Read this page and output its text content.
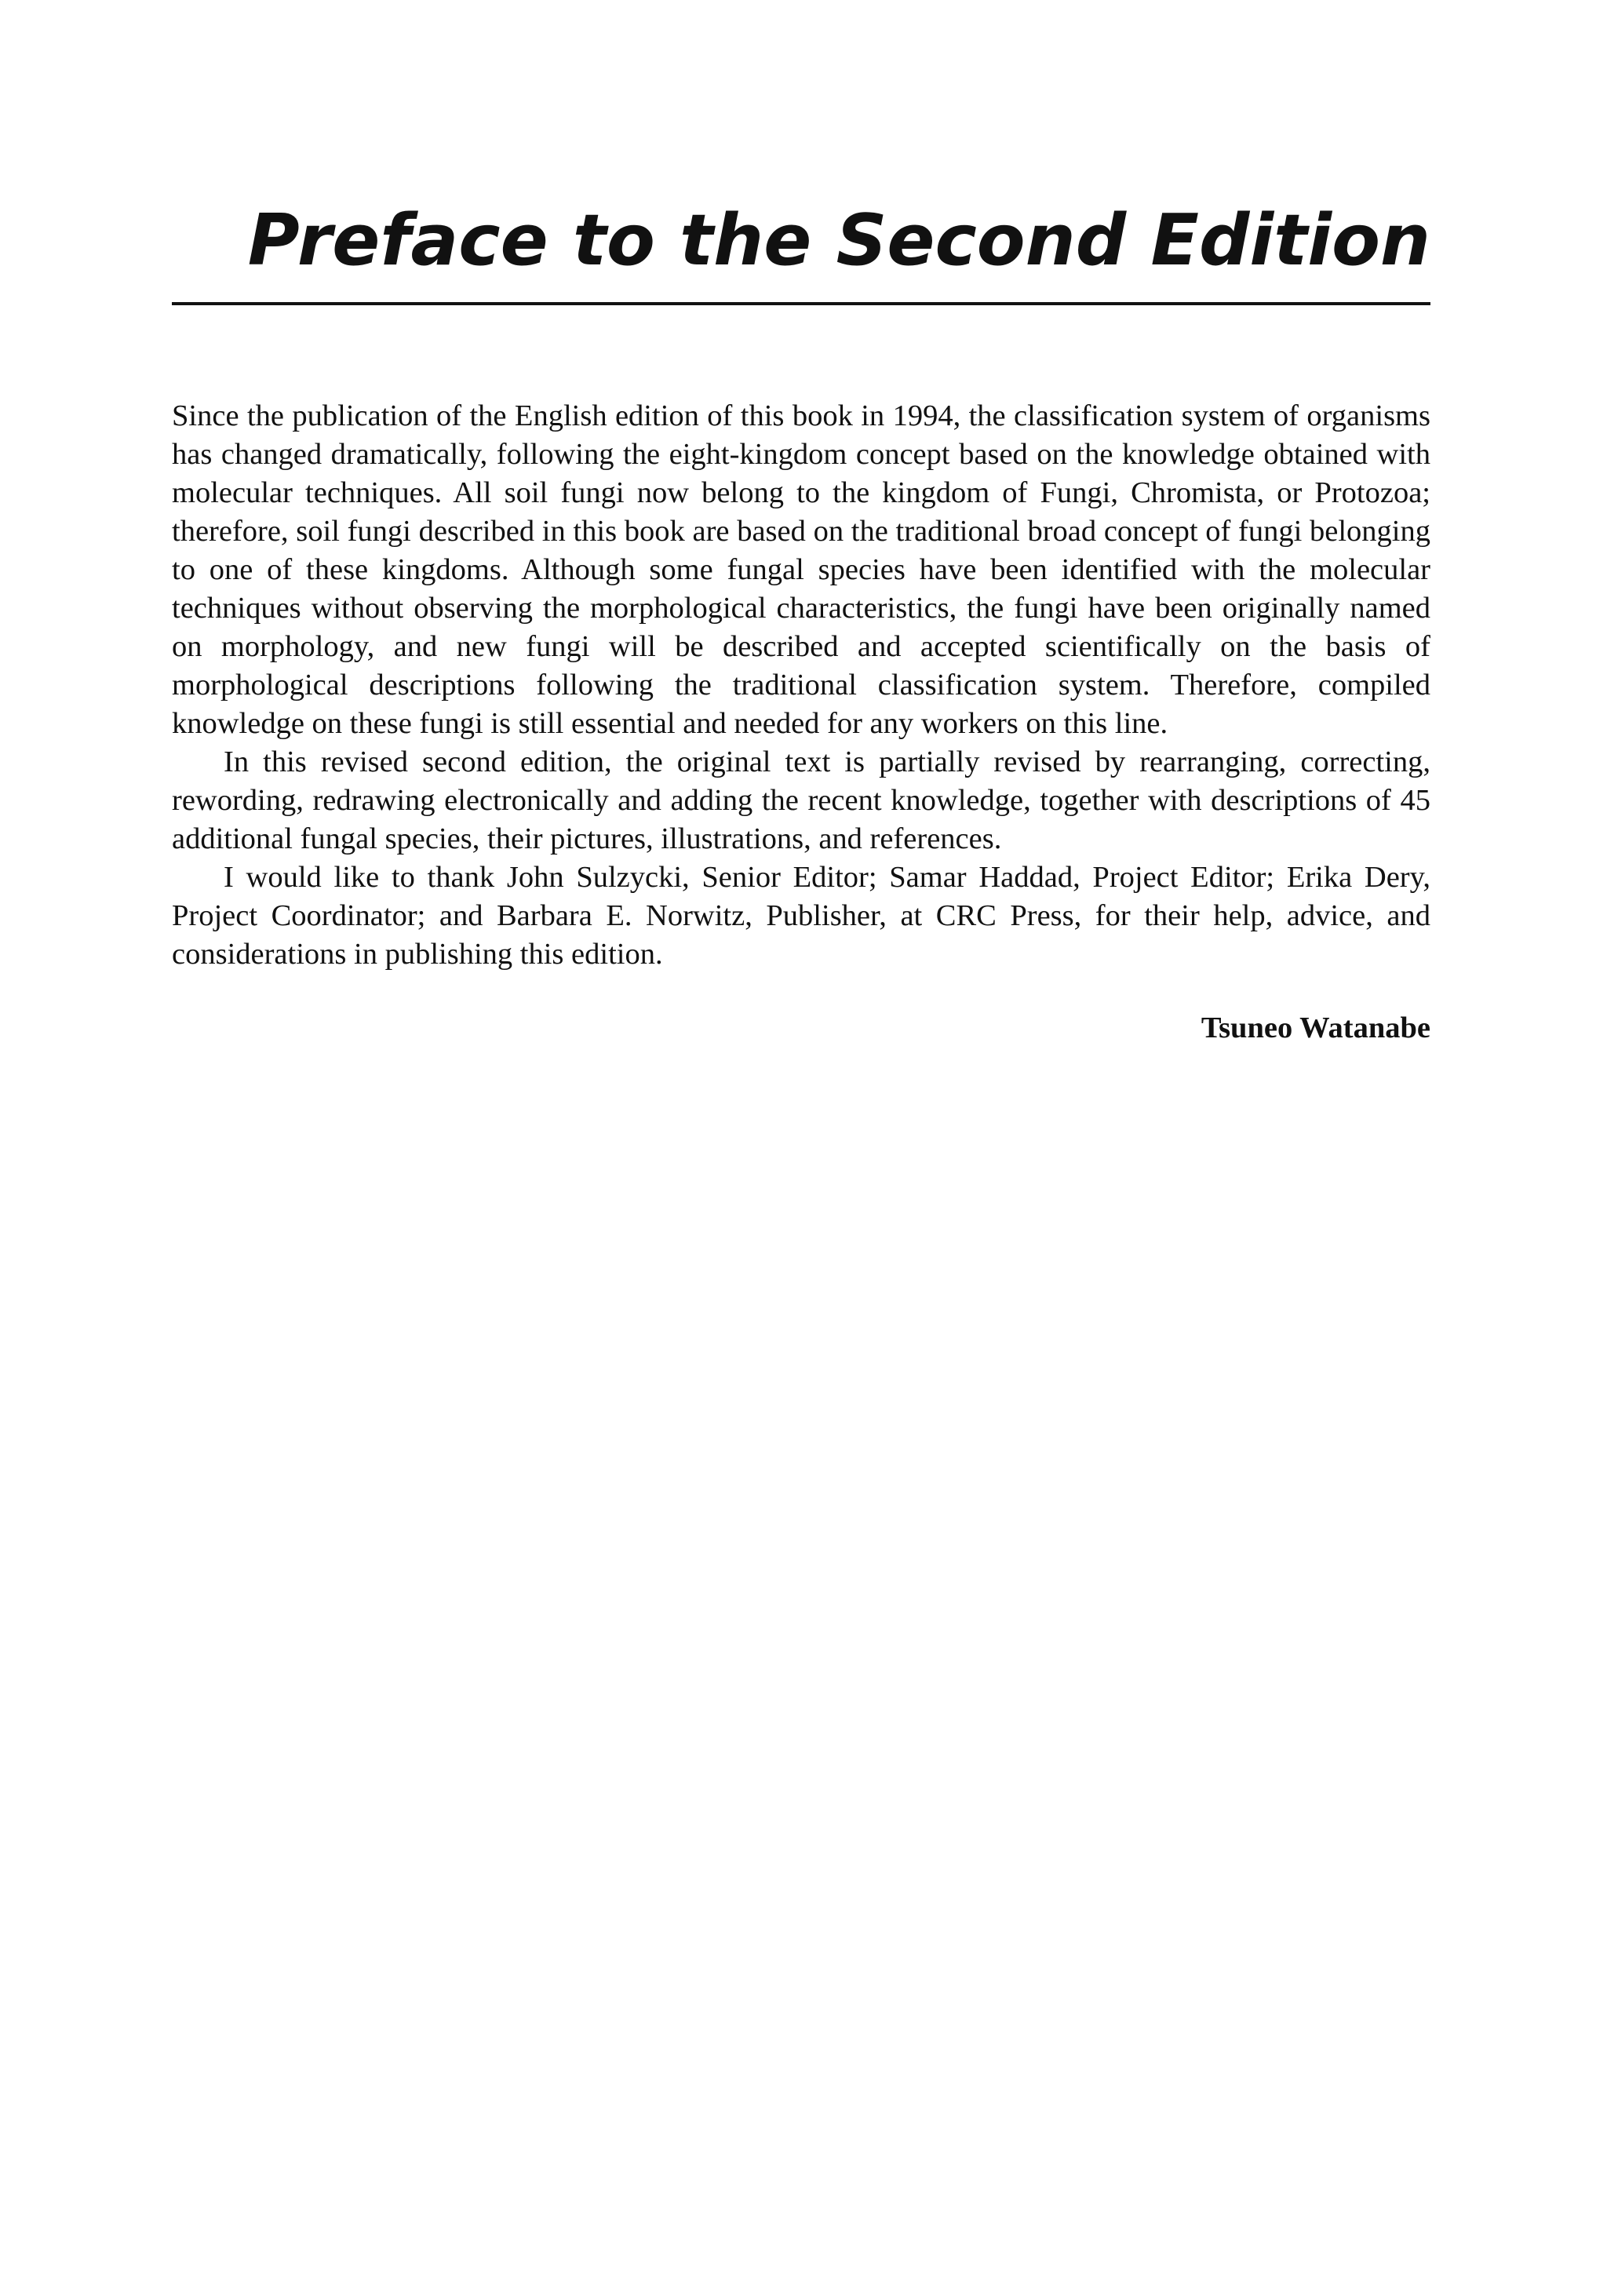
Preface to the Second Edition

Since the publication of the English edition of this book in 1994, the classification system of organisms has changed dramatically, following the eight-kingdom concept based on the knowledge obtained with molecular techniques. All soil fungi now belong to the kingdom of Fungi, Chromista, or Protozoa; therefore, soil fungi described in this book are based on the traditional broad concept of fungi belonging to one of these kingdoms. Although some fungal species have been identified with the molecular techniques without observing the morphological characteristics, the fungi have been originally named on morphology, and new fungi will be described and accepted scientifically on the basis of morphological descriptions following the traditional classification system. Therefore, compiled knowledge on these fungi is still essential and needed for any workers on this line.

In this revised second edition, the original text is partially revised by rearranging, correcting, rewording, redrawing electronically and adding the recent knowledge, together with descriptions of 45 additional fungal species, their pictures, illustrations, and references.

I would like to thank John Sulzycki, Senior Editor; Samar Haddad, Project Editor; Erika Dery, Project Coordinator; and Barbara E. Norwitz, Publisher, at CRC Press, for their help, advice, and considerations in publishing this edition.

Tsuneo Watanabe
